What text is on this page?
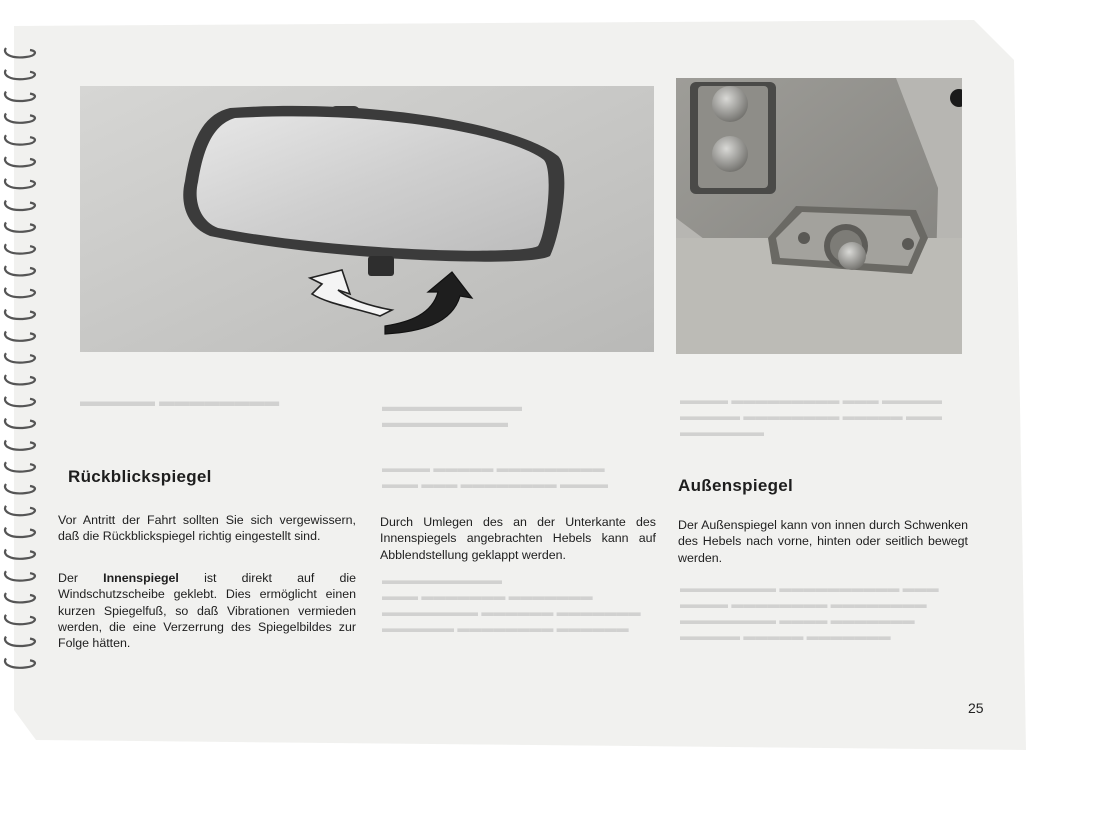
▬▬▬▬▬ ▬▬▬▬▬▬▬▬	▬▬▬▬▬▬▬▬▬▬
▬▬▬▬▬▬▬▬▬
▬▬▬▬ ▬▬▬▬▬ ▬▬▬▬▬▬▬▬▬
▬▬▬ ▬▬▬ ▬▬▬▬▬▬▬▬ ▬▬▬▬
▬▬▬▬▬▬▬▬▬▬
▬▬▬ ▬▬▬▬▬▬▬ ▬▬▬▬▬▬▬
▬▬▬▬▬▬▬▬ ▬▬▬▬▬▬ ▬▬▬▬▬▬▬
▬▬▬▬▬▬ ▬▬▬▬▬▬▬▬ ▬▬▬▬▬▬
▬▬▬▬ ▬▬▬▬▬▬▬▬▬ ▬▬▬ ▬▬▬▬▬
▬▬▬▬▬ ▬▬▬▬▬▬▬▬ ▬▬▬▬▬ ▬▬▬
▬▬▬▬▬▬▬
▬▬▬▬▬▬▬▬ ▬▬▬▬▬▬▬▬▬▬ ▬▬▬
▬▬▬▬ ▬▬▬▬▬▬▬▬ ▬▬▬▬▬▬▬▬
▬▬▬▬▬▬▬▬ ▬▬▬▬ ▬▬▬▬▬▬▬
▬▬▬▬▬ ▬▬▬▬▬ ▬▬▬▬▬▬▬
Rückblickspiegel
Vor Antritt der Fahrt sollten Sie sich vergewissern, daß die Rückblickspiegel richtig eingestellt sind.
Der Innenspiegel ist direkt auf die Windschutzscheibe geklebt. Dies ermöglicht einen kurzen Spiegelfuß, so daß Vibrationen vermieden werden, die eine Verzerrung des Spiegelbildes zur Folge hätten.
Durch Umlegen des an der Unterkante des Innenspiegels angebrachten Hebels kann auf Abblendstellung geklappt werden.
Außenspiegel
Der Außenspiegel kann von innen durch Schwenken des Hebels nach vorne, hinten oder seitlich bewegt werden.
25
